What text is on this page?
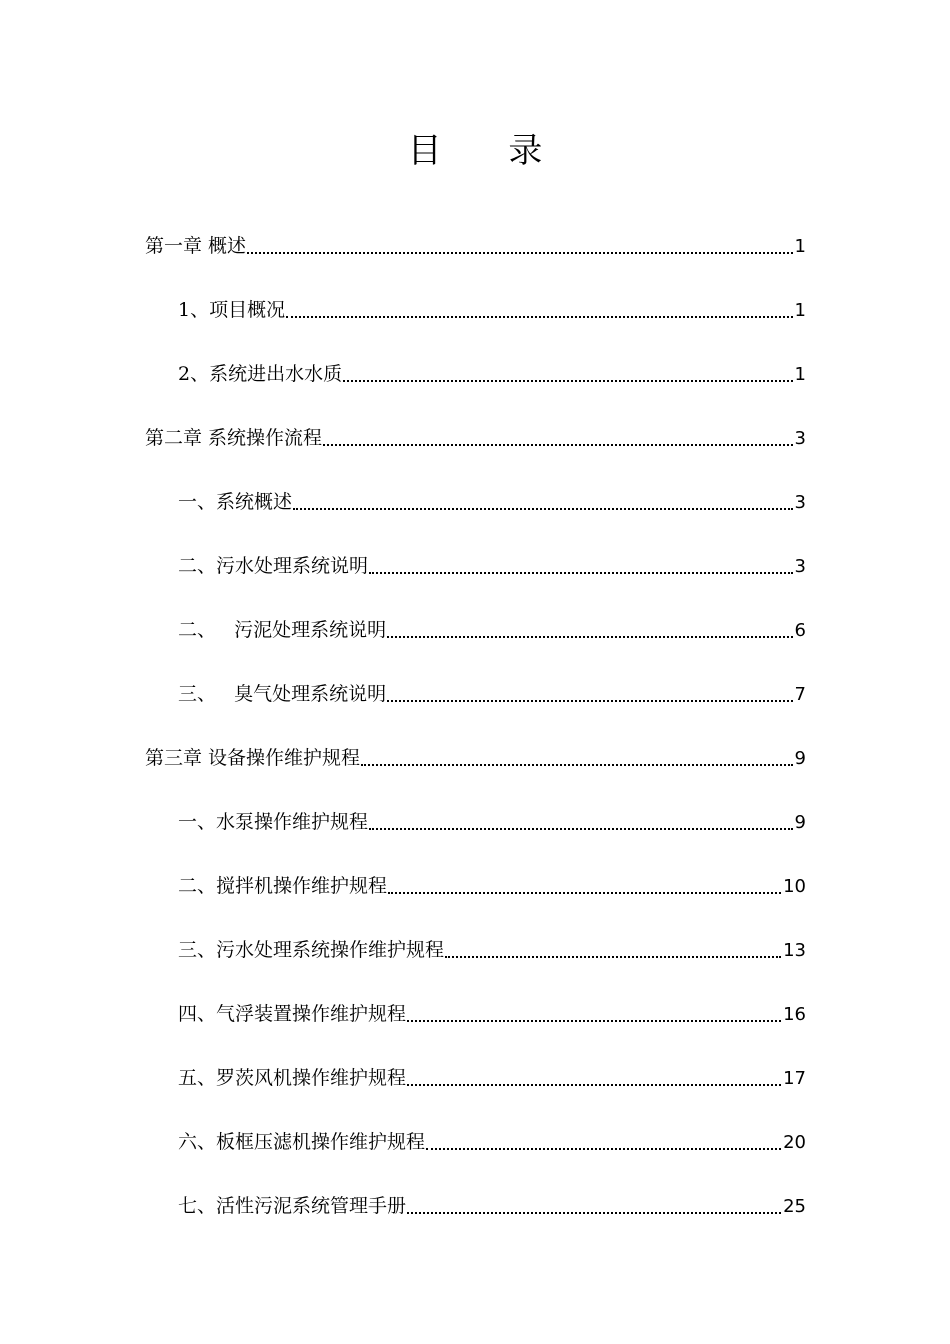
目 录
第一章 概述	1
1、项目概况	1
2、系统进出水水质	1
第二章 系统操作流程	3
一、系统概述	3
二、污水处理系统说明	3
二、   污泥处理系统说明	6
三、   臭气处理系统说明	7
第三章 设备操作维护规程	9
一、水泵操作维护规程	9
二、搅拌机操作维护规程	10
三、污水处理系统操作维护规程	13
四、气浮装置操作维护规程	16
五、罗茨风机操作维护规程	17
六、板框压滤机操作维护规程	20
七、活性污泥系统管理手册	25
